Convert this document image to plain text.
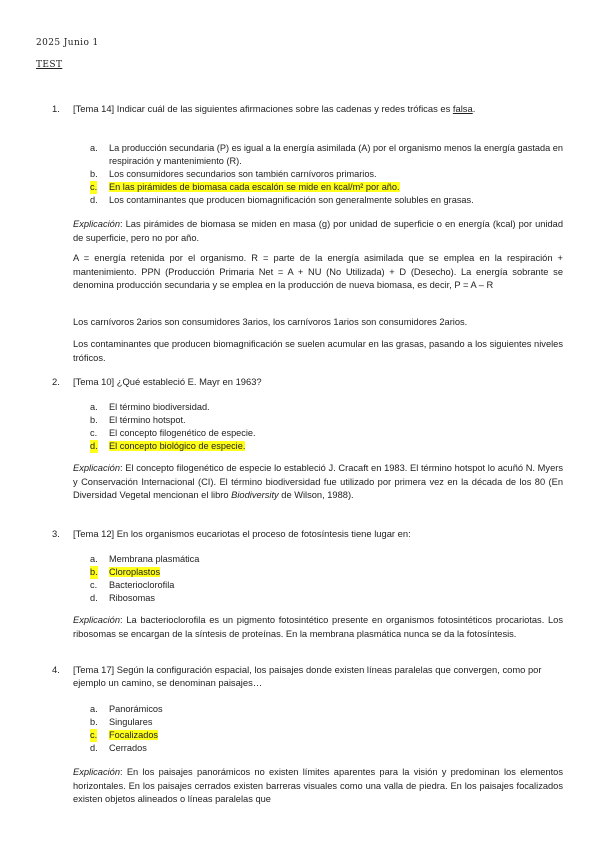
2025 Junio 1
TEST
1. [Tema 14] Indicar cuál de las siguientes afirmaciones sobre las cadenas y redes tróficas es falsa.
a. La producción secundaria (P) es igual a la energía asimilada (A) por el organismo menos la energía gastada en respiración y mantenimiento (R).
b. Los consumidores secundarios son también carnívoros primarios.
c. En las pirámides de biomasa cada escalón se mide en kcal/m² por año.
d. Los contaminantes que producen biomagnificación son generalmente solubles en grasas.
Explicación: Las pirámides de biomasa se miden en masa (g) por unidad de superficie o en energía (kcal) por unidad de superficie, pero no por año.
A = energía retenida por el organismo. R = parte de la energía asimilada que se emplea en la respiración + mantenimiento. PPN (Producción Primaria Net = A + NU (No Utilizada) + D (Desecho). La energía sobrante se denomina producción secundaria y se emplea en la producción de nueva biomasa, es decir, P = A – R
Los carnívoros 2arios son consumidores 3arios, los carnívoros 1arios son consumidores 2arios.
Los contaminantes que producen biomagnificación se suelen acumular en las grasas, pasando a los siguientes niveles tróficos.
2. [Tema 10] ¿Qué estableció E. Mayr en 1963?
a. El término biodiversidad.
b. El término hotspot.
c. El concepto filogenético de especie.
d. El concepto biológico de especie.
Explicación: El concepto filogenético de especie lo estableció J. Cracaft en 1983. El término hotspot lo acuñó N. Myers y Conservación Internacional (CI). El término biodiversidad fue utilizado por primera vez en la década de los 80 (En Diversidad Vegetal mencionan el libro Biodiversity de Wilson, 1988).
3. [Tema 12] En los organismos eucariotas el proceso de fotosíntesis tiene lugar en:
a. Membrana plasmática
b. Cloroplastos
c. Bacterioclorofila
d. Ribosomas
Explicación: La bacterioclorofila es un pigmento fotosintético presente en organismos fotosintéticos procariotas. Los ribosomas se encargan de la síntesis de proteínas. En la membrana plasmática nunca se da la fotosíntesis.
4. [Tema 17] Según la configuración espacial, los paisajes donde existen líneas paralelas que convergen, como por ejemplo un camino, se denominan paisajes…
a. Panorámicos
b. Singulares
c. Focalizados
d. Cerrados
Explicación: En los paisajes panorámicos no existen límites aparentes para la visión y predominan los elementos horizontales. En los paisajes cerrados existen barreras visuales como una valla de piedra. En los paisajes focalizados existen objetos alineados o líneas paralelas que
